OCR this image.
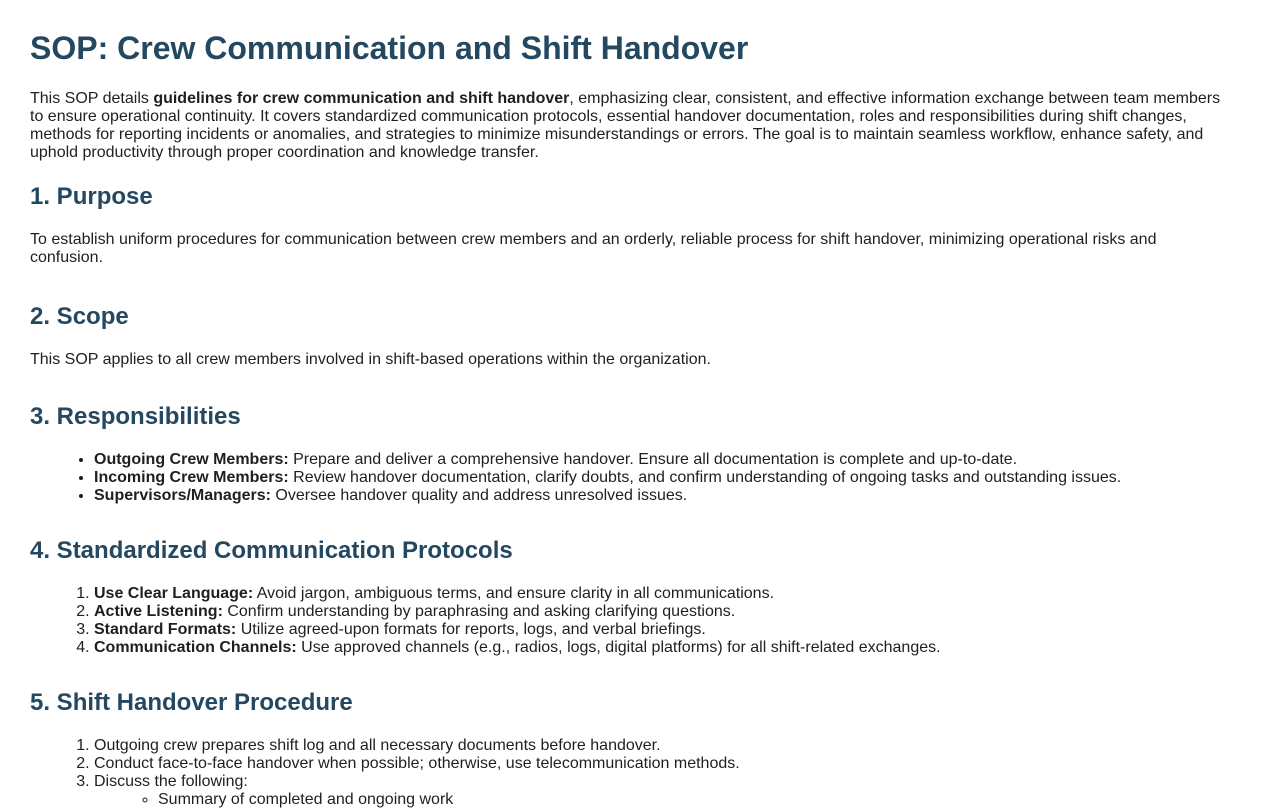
SOP: Crew Communication and Shift Handover

This SOP details guidelines for crew communication and shift handover, emphasizing clear, consistent, and effective information exchange between team members to ensure operational continuity. It covers standardized communication protocols, essential handover documentation, roles and responsibilities during shift changes, methods for reporting incidents or anomalies, and strategies to minimize misunderstandings or errors. The goal is to maintain seamless workflow, enhance safety, and uphold productivity through proper coordination and knowledge transfer.

1. Purpose

To establish uniform procedures for communication between crew members and an orderly, reliable process for shift handover, minimizing operational risks and confusion.

2. Scope

This SOP applies to all crew members involved in shift-based operations within the organization.

3. Responsibilities
• Outgoing Crew Members: Prepare and deliver a comprehensive handover. Ensure all documentation is complete and up-to-date.
• Incoming Crew Members: Review handover documentation, clarify doubts, and confirm understanding of ongoing tasks and outstanding issues.
• Supervisors/Managers: Oversee handover quality and address unresolved issues.
4. Standardized Communication Protocols
1. Use Clear Language: Avoid jargon, ambiguous terms, and ensure clarity in all communications.
2. Active Listening: Confirm understanding by paraphrasing and asking clarifying questions.
3. Standard Formats: Utilize agreed-upon formats for reports, logs, and verbal briefings.
4. Communication Channels: Use approved channels (e.g., radios, logs, digital platforms) for all shift-related exchanges.
5. Shift Handover Procedure
1. Outgoing crew prepares shift log and all necessary documents before handover.
2. Conduct face-to-face handover when possible; otherwise, use telecommunication methods.
3. Discuss the following:
◦ Summary of completed and ongoing work
